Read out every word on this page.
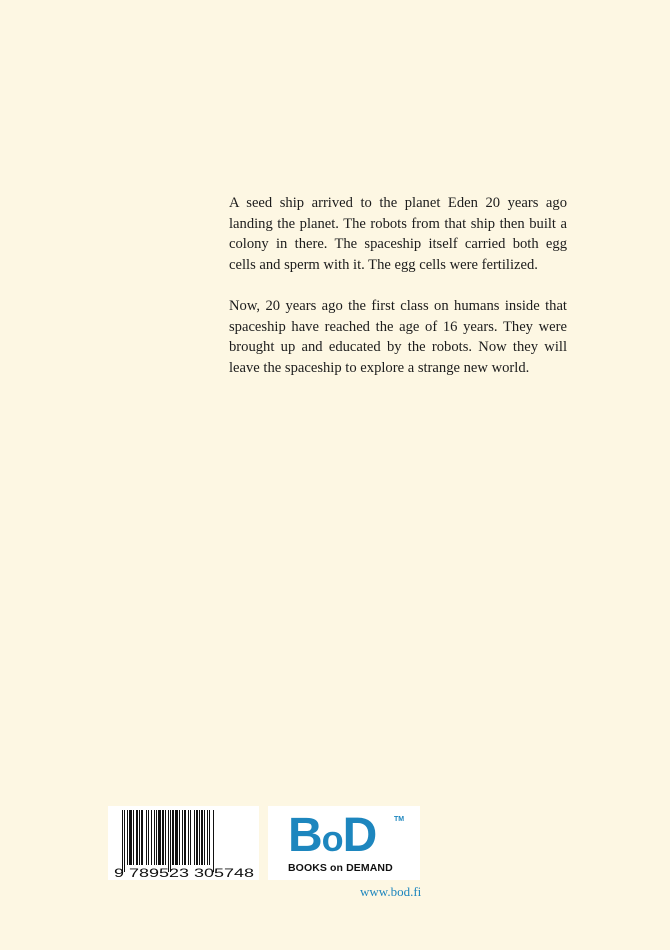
A seed ship arrived to the planet Eden 20 years ago landing the planet. The robots from that ship then built a colony in there. The spaceship itself carried both egg cells and sperm with it. The egg cells were fertilized.

Now, 20 years ago the first class on humans inside that spaceship have reached the age of 16 years. They were brought up and educated by the robots. Now they will leave the spaceship to explore a strange new world.

9 789523 305748
BoD	TM
BOOKS on DEMAND
www.bod.fi
